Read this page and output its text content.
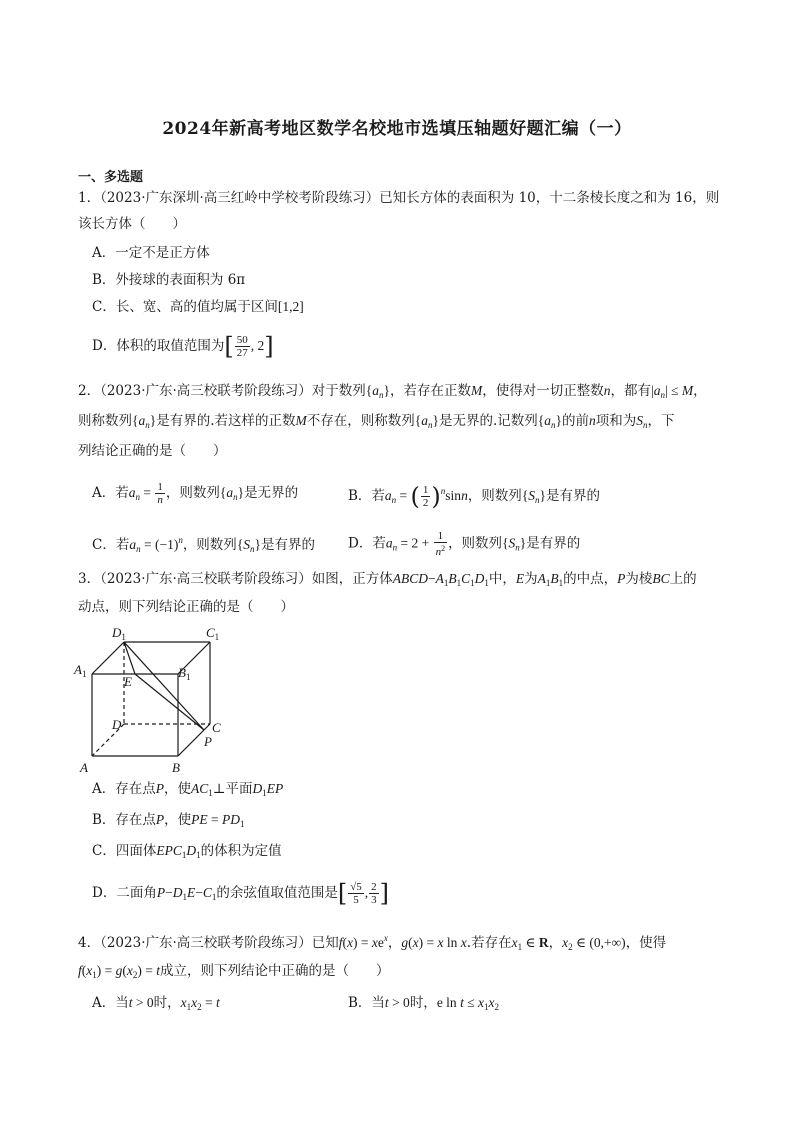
2024年新高考地区数学名校地市选填压轴题好题汇编（一）
一、多选题
1．（2023·广东深圳·高三红岭中学校考阶段练习）已知长方体的表面积为 10，十二条棱长度之和为 16，则
该长方体（　　）
A．一定不是正方体
B．外接球的表面积为 6π
C．长、宽、高的值均属于区间[1,2]
D．体积的取值范围为[ $\frac{50}{27}$ , 2]
2．（2023·广东·高三校联考阶段练习）对于数列$\{a_n\}$，若存在正数M，使得对一切正整数n，都有$|a_n| \le M$，
则称数列$\{a_n\}$是有界的.若这样的正数M不存在，则称数列$\{a_n\}$是无界的.记数列$\{a_n\}$的前n项和为$S_n$，下
列结论正确的是（　　）
A．若$a_n = \frac{1}{n}$ ，则数列$\{a_n\}$是无界的	B．若$a_n$ = ( $\frac{1}{2} )^n\sin n$，则数列$\{S_n\}$是有界的
C．若$a_n = (-1)^n$，则数列$\{S_n\}$是有界的 D．若$a_n = 2 + \frac{1}{n^2}$ ，则数列$\{S_n\}$是有界的
3．（2023·广东·高三校联考阶段练习）如图，正方体$ABCD-A_1B_1C_1D_1$中，E为$A_1B_1$的中点，P为棱BC上的
动点，则下列结论正确的是（　　）
$D_1$	$C_1$
$A_1$	$B_1$
E
D	C
P
A	B
A．存在点P，使$AC_1\perp$平面$D_1EP$
B．存在点P，使PE = $PD_1$
C．四面体$EPC_1D_1$的体积为定值
D．二面角$P-D_1E-C_1$的余弦值取值范围是[ $\frac{√5}{5}$ , $\frac{2}{3}$ ]
4．（2023·广东·高三校联考阶段练习）已知$f(x) = xe^x$，g(x) = x ln x.若存在$x_1$ ∈ R，$x_2$ ∈ (0,+∞)，使得
$f(x_1) = g(x_2) = t$成立，则下列结论中正确的是（　　）
A．当t > 0时，$x_1x_2 = t$	B．当t > 0时，e $\ln t \le x_1x_2$
